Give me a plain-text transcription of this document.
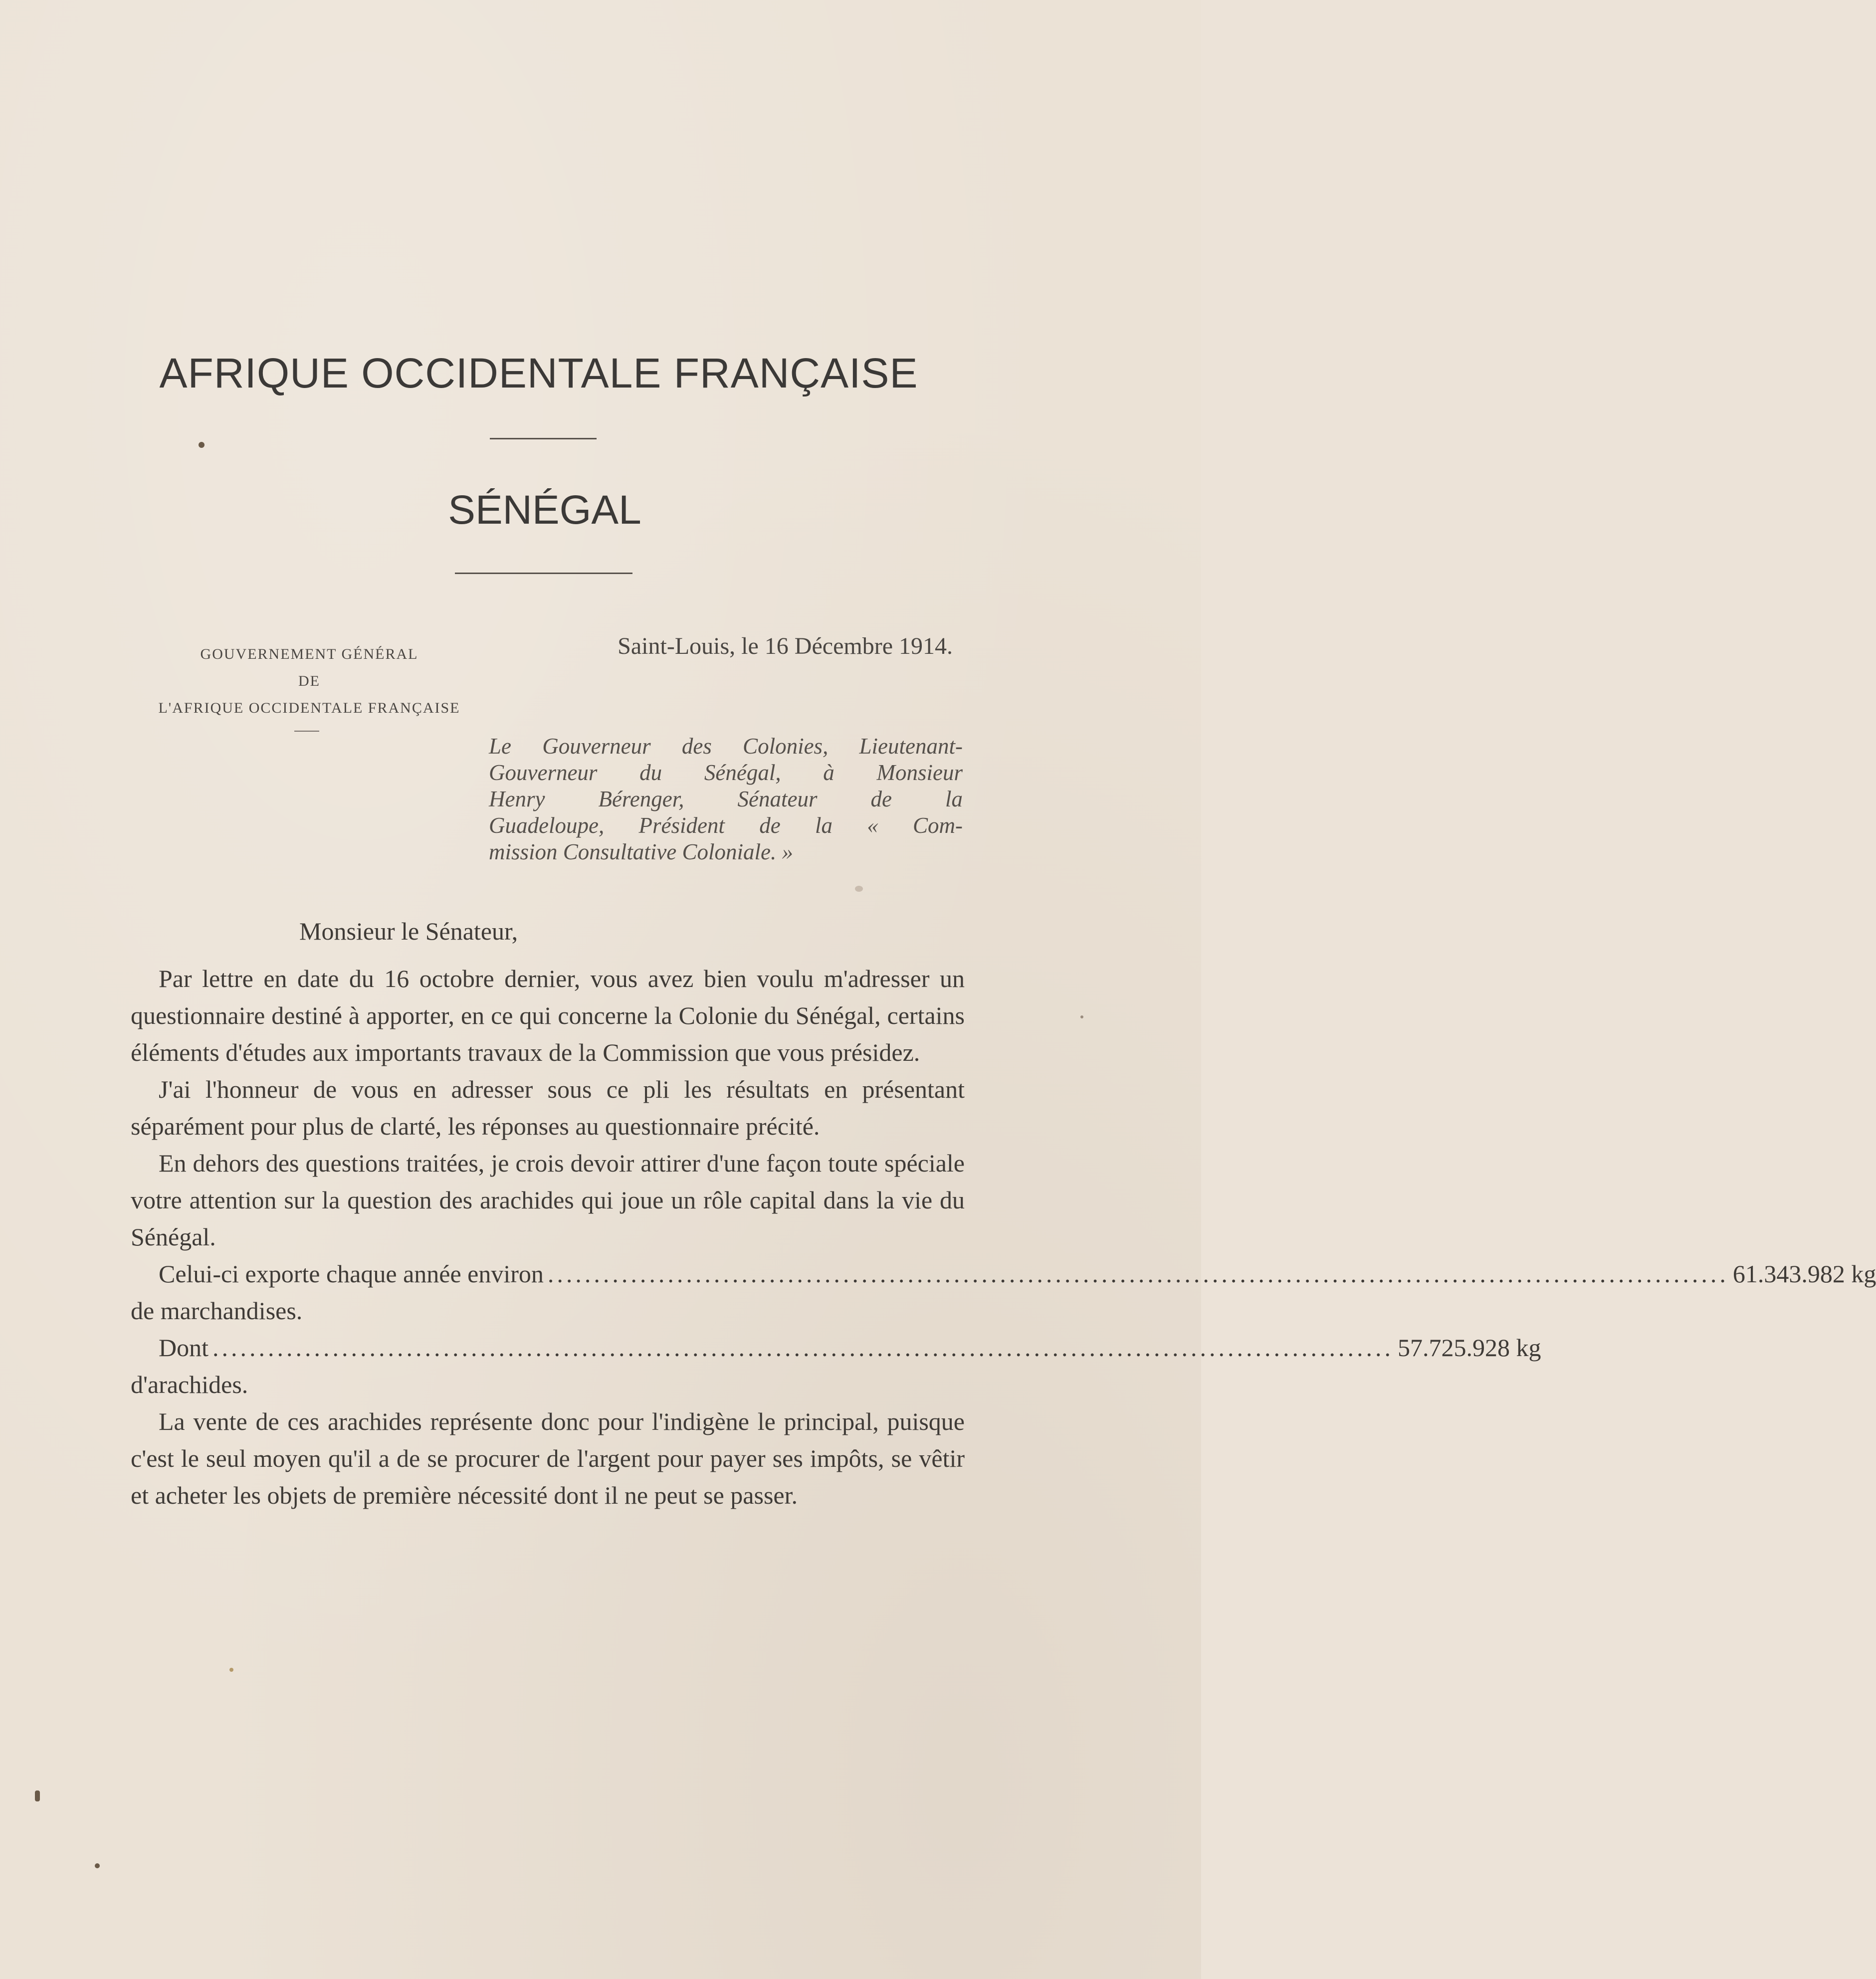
AFRIQUE OCCIDENTALE FRANÇAISE
SÉNÉGAL
GOUVERNEMENT GÉNÉRAL
DE
L'AFRIQUE OCCIDENTALE FRANÇAISE
Saint-Louis, le 16 Décembre 1914.
Le Gouverneur des Colonies, Lieutenant-
Gouverneur du Sénégal, à Monsieur
Henry Bérenger, Sénateur de la
Guadeloupe, Président de la « Com-
mission Consultative Coloniale. »
Monsieur le Sénateur,

Par lettre en date du 16 octobre dernier, vous avez bien voulu m'adresser un questionnaire destiné à apporter, en ce qui concerne la Colonie du Sénégal, certains éléments d'études aux importants travaux de la Commission que vous présidez.

J'ai l'honneur de vous en adresser sous ce pli les résultats en présentant séparément pour plus de clarté, les réponses au questionnaire précité.

En dehors des questions traitées, je crois devoir attirer d'une façon toute spéciale votre attention sur la question des arachides qui joue un rôle capital dans la vie du Sénégal.

Celui-ci exporte chaque année environ ................................................................................................................................ 61.343.982 kg

de marchandises.

Dont ................................................................................................................................ 57.725.928 kg

d'arachides.

La vente de ces arachides représente donc pour l'indigène le principal, puisque c'est le seul moyen qu'il a de se procurer de l'argent pour payer ses impôts, se vêtir et acheter les objets de première nécessité dont il ne peut se passer.
